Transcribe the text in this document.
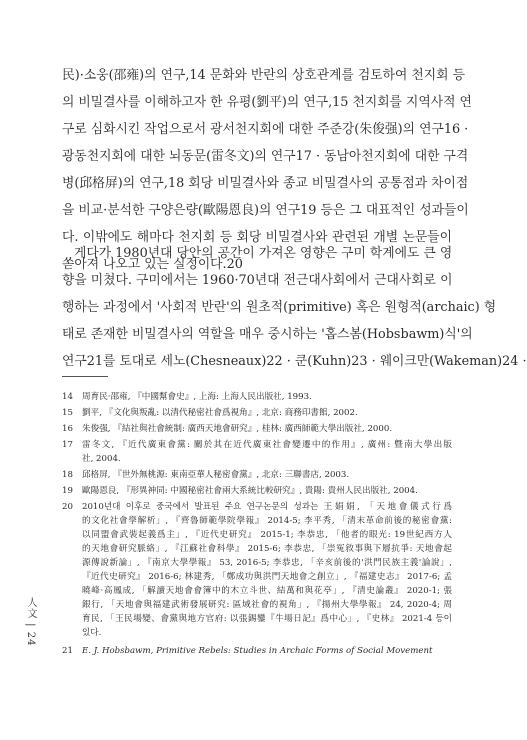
民)·소웅(邵雍)의 연구,14 문화와 반란의 상호관계를 검토하여 천지회 등
의 비밀결사를 이해하고자 한 유평(劉平)의 연구,15 천지회를 지역사적 연
구로 심화시킨 작업으로서 광서천지회에 대한 주준강(朱俊强)의 연구16 ·
광동천지회에 대한 뇌동문(雷冬文)의 연구17 · 동남아천지회에 대한 구격
병(邱格屏)의 연구,18 회당 비밀결사와 종교 비밀결사의 공통점과 차이점
을 비교·분석한 구양은량(歐陽恩良)의 연구19 등은 그 대표적인 성과들이
다. 이밖에도 해마다 천지회 등 회당 비밀결사와 관련된 개별 논문들이
쏟아져 나오고 있는 실정이다.20
게다가 1980년대 당안의 공간이 가져온 영향은 구미 학계에도 큰 영
향을 미쳤다. 구미에서는 1960·70년대 전근대사회에서 근대사회로 이
행하는 과정에서 '사회적 반란'의 원초적(primitive) 혹은 원형적(archaic) 형
태로 존재한 비밀결사의 역할을 매우 중시하는 '홉스봄(Hobsbawm)식'의
연구21를 토대로 세노(Chesneaux)22 · 쿤(Kuhn)23 · 웨이크만(Wakeman)24 ·
14	周育民·邵雍, 『中國幫會史』, 上海: 上海人民出版社, 1993.
15	劉平, 『文化與叛亂: 以清代秘密社會爲視角』, 北京: 商務印書館, 2002.
16	朱俊强, 『結社與社會統制: 廣西天地會研究』, 桂林: 廣西師範大學出版社, 2000.
17	雷冬文, 『近代廣東會黨: 關於其在近代廣東社會變遷中的作用』, 廣州: 曁南大學出版
社, 2004.
18	邱格屏, 『世外無桃源: 東南亞華人秘密會黨』, 北京: 三聯書店, 2003.
19	歐陽恩良, 『形異神同: 中國秘密社會兩大系統比較研究』, 貴陽: 貴州人民出版社, 2004.
20	2010년대 이후로 중국에서 발표된 주요 연구논문의 성과는 王娟娟, 「天地會儀式行爲
的文化社會學解析」, 『齊魯師範學院學報』 2014-5; 李平秀, 「清末革命前後的秘密會黨:
以同盟會武裝起義爲主」, 『近代史研究』 2015-1; 李恭忠, 「他者的眼光: 19世紀西方人
的天地會研究脈絡」, 『江蘇社會科學』 2015-6; 李恭忠, 「崇冤敘事與下層抗爭: 天地會起
源傳說新論」, 『南京大學學報』 53, 2016-5; 李恭忠, 「辛亥前後的'洪門民族主義'論說」,
『近代史研究』 2016-6; 林建秀, 「鄭成功與洪門天地會之創立」, 『福建史志』 2017-6; 孟
曉峰·高鳳成, 「解讀天地會會簿中的木立斗世、結萬和與花亭」, 『清史論叢』 2020-1; 張
銀行, 「天地會與福建武術發展研究: 區域社會的視角」, 『揚州大學學報』 24, 2020-4; 周
育民, 「王民場變、會黨與地方官府: 以張錫鑾『牛場日記』爲中心」, 『史林』 2021-4 등이
있다.
21	E. J. Hobsbawm, Primitive Rebels: Studies in Archaic Forms of Social Movement
人文 | 24
